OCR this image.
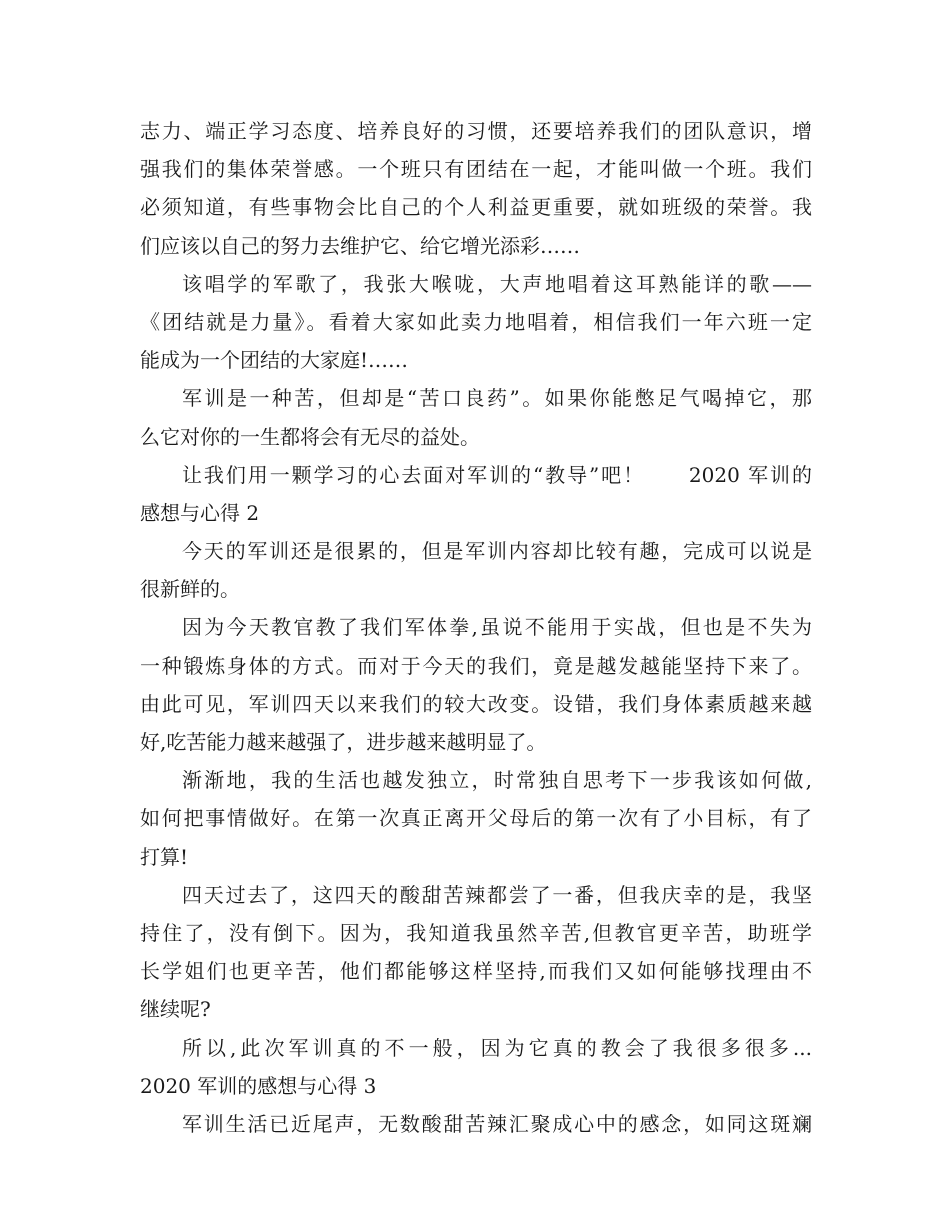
志力、端正学习态度、培养良好的习惯，还要培养我们的团队意识，增
强我们的集体荣誉感。一个班只有团结在一起，才能叫做一个班。我们
必须知道，有些事物会比自己的个人利益更重要，就如班级的荣誉。我
们应该以自己的努力去维护它、给它增光添彩……
该唱学的军歌了，我张大喉咙，大声地唱着这耳熟能详的歌——
《团结就是力量》。看着大家如此卖力地唱着，相信我们一年六班一定
能成为一个团结的大家庭!……
军训是一种苦，但却是“苦口良药”。如果你能憋足气喝掉它，那
么它对你的一生都将会有无尽的益处。
让我们用一颗学习的心去面对军训的“教导”吧！　　2020 军训的
感想与心得 2
今天的军训还是很累的，但是军训内容却比较有趣，完成可以说是
很新鲜的。
因为今天教官教了我们军体拳,虽说不能用于实战，但也是不失为
一种锻炼身体的方式。而对于今天的我们，竟是越发越能坚持下来了。
由此可见，军训四天以来我们的较大改变。设错，我们身体素质越来越
好,吃苦能力越来越强了，进步越来越明显了。
渐渐地，我的生活也越发独立，时常独自思考下一步我该如何做,
如何把事情做好。在第一次真正离开父母后的第一次有了小目标，有了
打算!
四天过去了，这四天的酸甜苦辣都尝了一番，但我庆幸的是，我坚
持住了，没有倒下。因为，我知道我虽然辛苦,但教官更辛苦，助班学
长学姐们也更辛苦，他们都能够这样坚持,而我们又如何能够找理由不
继续呢?
所以,此次军训真的不一般，因为它真的教会了我很多很多...
2020 军训的感想与心得 3
军训生活已近尾声，无数酸甜苦辣汇聚成心中的感念，如同这斑斓
